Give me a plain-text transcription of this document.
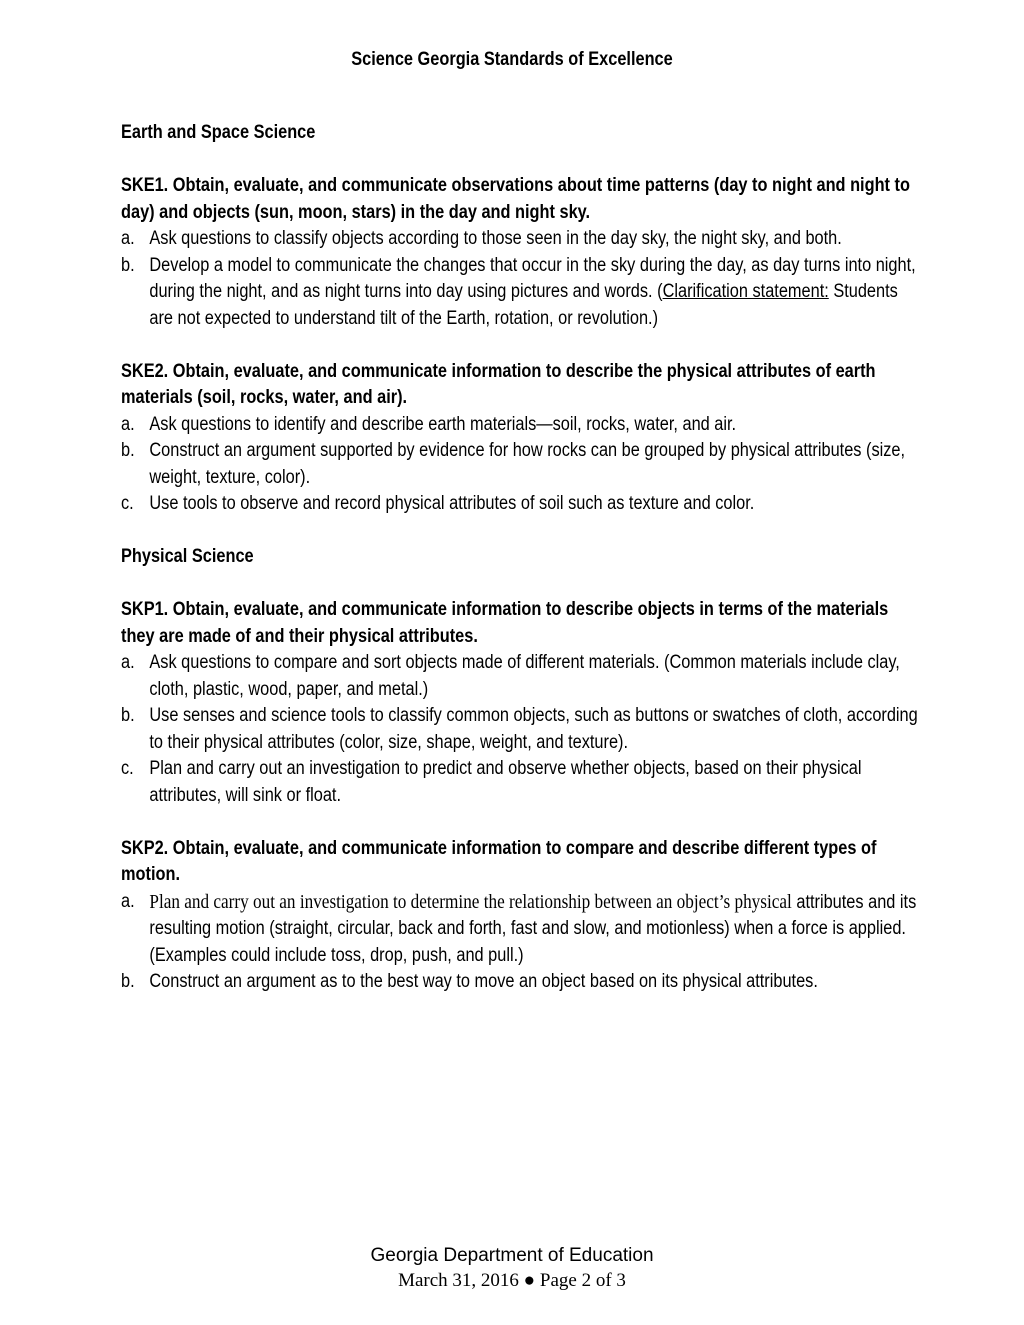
Science Georgia Standards of Excellence

Earth and Space Science

SKE1. Obtain, evaluate, and communicate observations about time patterns (day to night and night to day) and objects (sun, moon, stars) in the day and night sky.

a. Ask questions to classify objects according to those seen in the day sky, the night sky, and both.

b. Develop a model to communicate the changes that occur in the sky during the day, as day turns into night, during the night, and as night turns into day using pictures and words. (Clarification statement: Students are not expected to understand tilt of the Earth, rotation, or revolution.)

SKE2. Obtain, evaluate, and communicate information to describe the physical attributes of earth materials (soil, rocks, water, and air).

a. Ask questions to identify and describe earth materials—soil, rocks, water, and air.

b. Construct an argument supported by evidence for how rocks can be grouped by physical attributes (size, weight, texture, color).

c. Use tools to observe and record physical attributes of soil such as texture and color.

Physical Science

SKP1. Obtain, evaluate, and communicate information to describe objects in terms of the materials they are made of and their physical attributes.

a. Ask questions to compare and sort objects made of different materials. (Common materials include clay, cloth, plastic, wood, paper, and metal.)

b. Use senses and science tools to classify common objects, such as buttons or swatches of cloth, according to their physical attributes (color, size, shape, weight, and texture).

c. Plan and carry out an investigation to predict and observe whether objects, based on their physical attributes, will sink or float.

SKP2. Obtain, evaluate, and communicate information to compare and describe different types of motion.

a. Plan and carry out an investigation to determine the relationship between an object’s physical attributes and its resulting motion (straight, circular, back and forth, fast and slow, and motionless) when a force is applied. (Examples could include toss, drop, push, and pull.)

b. Construct an argument as to the best way to move an object based on its physical attributes.

Georgia Department of Education
March 31, 2016 ● Page 2 of 3
